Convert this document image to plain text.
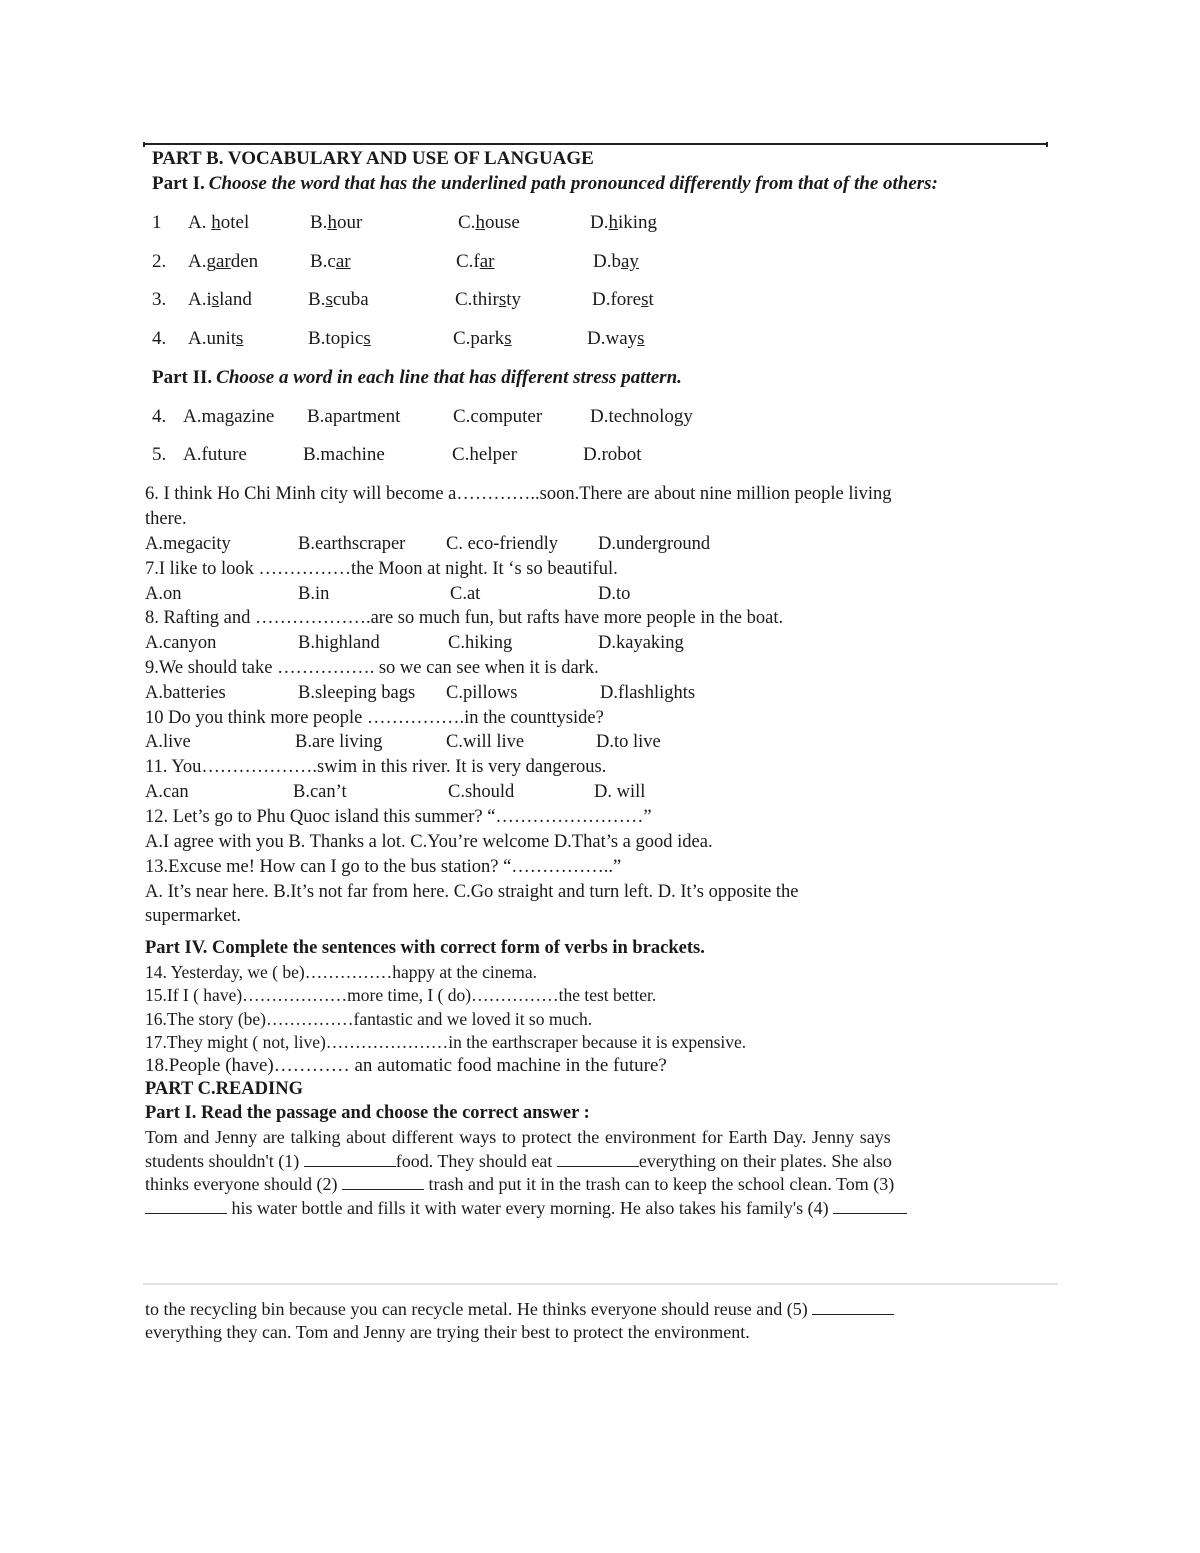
PART B. VOCABULARY AND USE OF LANGUAGE
Part I. Choose the word that has the underlined path pronounced differently from that of the others:
1 A. hotel	B.hour	C.house	D.hiking
2. A.garden	B.car	C.far	D.bay
3. A.island	B.scuba	C.thirsty	D.forest
4. A.units	B.topics	C.parks	D.ways
Part II. Choose a word in each line that has different stress pattern.
4. A.magazine B.apartment	C.computer	D.technology
5. A.future	B.machine	C.helper	D.robot
6. I think Ho Chi Minh city will become a…………..soon.There are about nine million people living
there.
A.megacity	B.earthscraper C. eco-friendly D.underground
7.I like to look ……………the Moon at night. It ‘s so beautiful.
A.on	B.in	C.at	D.to
8. Rafting and ……………….are so much fun, but rafts have more people in the boat.
A.canyon	B.highland	C.hiking	D.kayaking
9.We should take ……………. so we can see when it is dark.
A.batteries	B.sleeping bags C.pillows	D.flashlights
10 Do you think more people …………….in the counttyside?
A.live	B.are living	C.will live	D.to live
11. You……………….swim in this river. It is very dangerous.
A.can	B.can’t	C.should	D. will
12. Let’s go to Phu Quoc island this summer? “……………………”
A.I agree with you B. Thanks a lot. C.You’re welcome D.That’s a good idea.
13.Excuse me! How can I go to the bus station? “……………..”
A. It’s near here. B.It’s not far from here. C.Go straight and turn left. D. It’s opposite the
supermarket.
Part IV. Complete the sentences with correct form of verbs in brackets.
14. Yesterday, we ( be)……………happy at the cinema.
15.If I ( have)………………more time, I ( do)……………the test better.
16.The story (be)……………fantastic and we loved it so much.
17.They might ( not, live)…………………in the earthscraper because it is expensive.
18.People (have)………… an automatic food machine in the future?
PART C.READING
Part I. Read the passage and choose the correct answer :
Tom and Jenny are talking about different ways to protect the environment for Earth Day. Jenny says
students shouldn't (1)	food. They should eat	everything on their plates. She also
thinks everyone should (2)	trash and put it in the trash can to keep the school clean. Tom (3)
his water bottle and fills it with water every morning. He also takes his family's (4)
to the recycling bin because you can recycle metal. He thinks everyone should reuse and (5)
everything they can. Tom and Jenny are trying their best to protect the environment.
